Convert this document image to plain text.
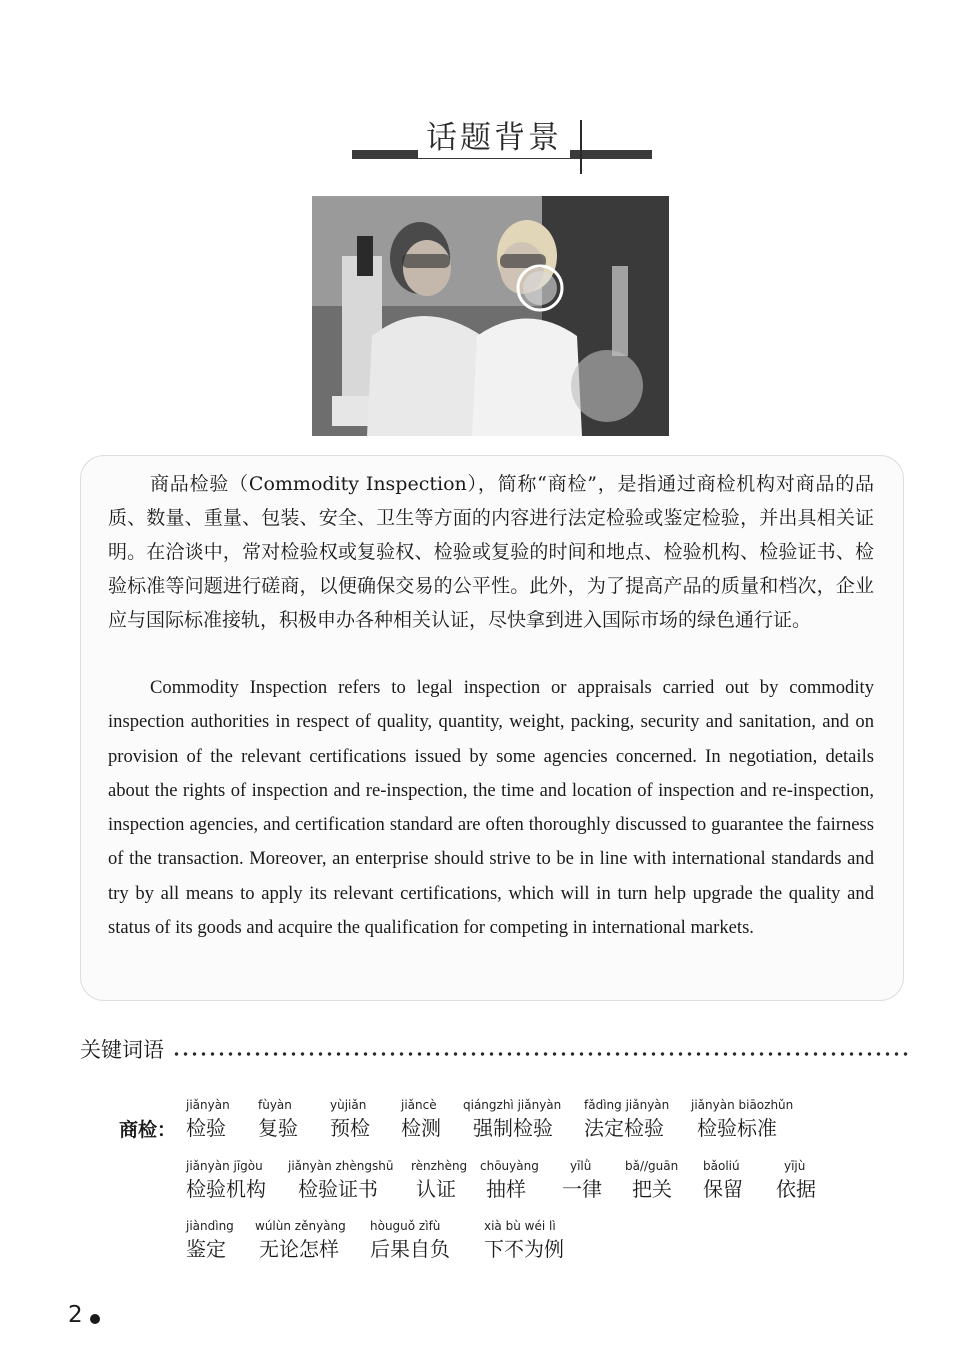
话题背景

商品检验（Commodity Inspection），简称“商检”，是指通过商检机构对商品的品质、数量、重量、包装、安全、卫生等方面的内容进行法定检验或鉴定检验，并出具相关证明。在洽谈中，常对检验权或复验权、检验或复验的时间和地点、检验机构、检验证书、检验标准等问题进行磋商，以便确保交易的公平性。此外，为了提高产品的质量和档次，企业应与国际标准接轨，积极申办各种相关认证，尽快拿到进入国际市场的绿色通行证。

Commodity Inspection refers to legal inspection or appraisals carried out by commodity inspection authorities in respect of quality, quantity, weight, packing, security and sanitation, and on provision of the relevant certifications issued by some agencies concerned. In negotiation, details about the rights of inspection and re-inspection, the time and location of inspection and re-inspection, inspection agencies, and certification standard are often thoroughly discussed to guarantee the fairness of the transaction. Moreover, an enterprise should strive to be in line with international standards and try by all means to apply its relevant certifications, which will in turn help upgrade the quality and status of its goods and acquire the qualification for competing in international markets.

关键词语
商检：
jiǎnyàn
检验
fùyàn
复验
yùjiǎn
预检
jiǎncè
检测
qiángzhì jiǎnyàn
强制检验
fǎdìng jiǎnyàn
法定检验
jiǎnyàn biāozhǔn
检验标准
jiǎnyàn jīgòu
检验机构
jiǎnyàn zhèngshū
检验证书
rènzhèng
认证
chōuyàng
抽样
yīlǜ
一律
bǎ//guān
把关
bǎoliú
保留
yījù
依据
jiàndìng
鉴定
wúlùn zěnyàng
无论怎样
hòuguǒ zìfù
后果自负
xià bù wéi lì
下不为例
2
